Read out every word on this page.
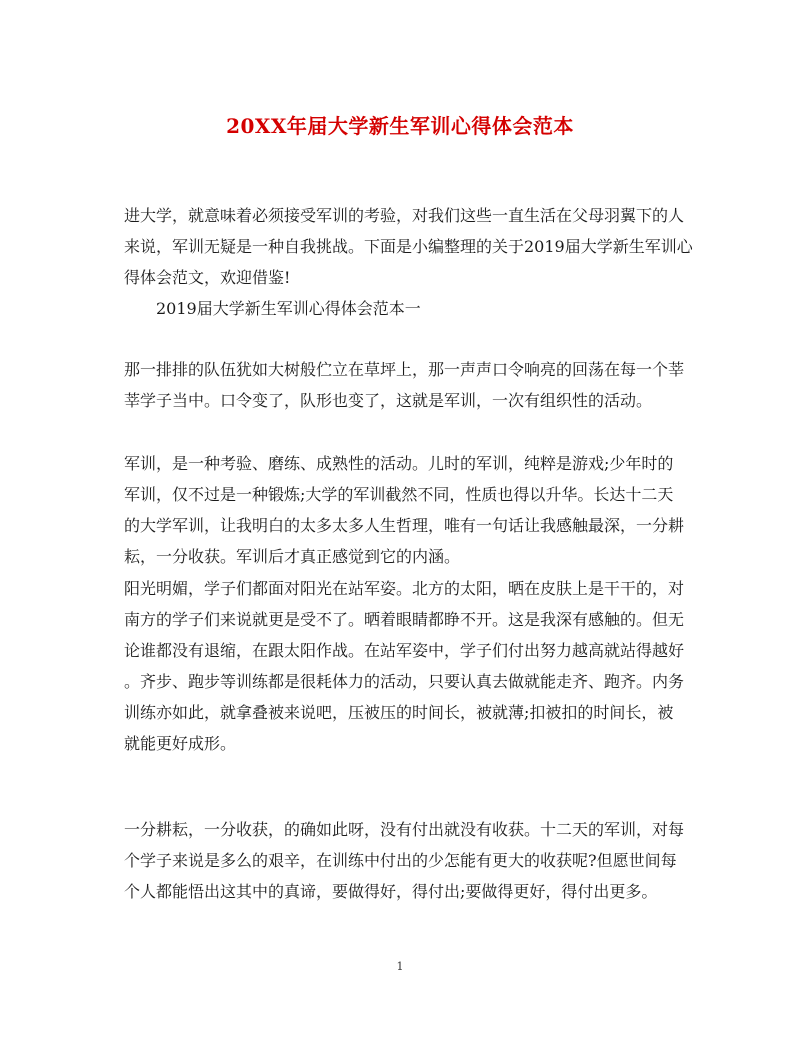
20XX年届大学新生军训心得体会范本
进大学，就意味着必须接受军训的考验，对我们这些一直生活在父母羽翼下的人
来说，军训无疑是一种自我挑战。下面是小编整理的关于2019届大学新生军训心
得体会范文，欢迎借鉴!
2019届大学新生军训心得体会范本一
那一排排的队伍犹如大树般伫立在草坪上，那一声声口令响亮的回荡在每一个莘
莘学子当中。口令变了，队形也变了，这就是军训，一次有组织性的活动。
军训，是一种考验、磨练、成熟性的活动。儿时的军训，纯粹是游戏;少年时的
军训，仅不过是一种锻炼;大学的军训截然不同，性质也得以升华。长达十二天
的大学军训，让我明白的太多太多人生哲理，唯有一句话让我感触最深，一分耕
耘，一分收获。军训后才真正感觉到它的内涵。
阳光明媚，学子们都面对阳光在站军姿。北方的太阳，晒在皮肤上是干干的，对
南方的学子们来说就更是受不了。晒着眼睛都睁不开。这是我深有感触的。但无
论谁都没有退缩，在跟太阳作战。在站军姿中，学子们付出努力越高就站得越好
。齐步、跑步等训练都是很耗体力的活动，只要认真去做就能走齐、跑齐。内务
训练亦如此，就拿叠被来说吧，压被压的时间长，被就薄;扣被扣的时间长，被
就能更好成形。
一分耕耘，一分收获，的确如此呀，没有付出就没有收获。十二天的军训，对每
个学子来说是多么的艰辛，在训练中付出的少怎能有更大的收获呢?但愿世间每
个人都能悟出这其中的真谛，要做得好，得付出;要做得更好，得付出更多。
1
